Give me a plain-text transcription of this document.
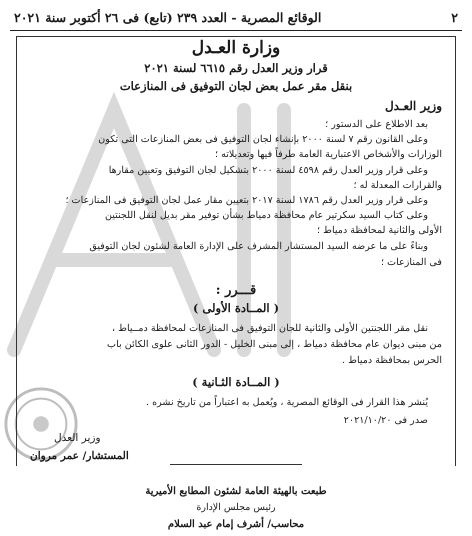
٢
الوقائع المصرية - العدد ٢٣٩ (تابع) فى ٢٦ أكتوبر سنة ٢٠٢١
وزارة العـدل
قرار وزير العدل رقم ٦٦١٥ لسنة ٢٠٢١
بنقل مقر عمل بعض لجان التوفيق فى المنازعات
وزير العـدل
بعد الاطلاع على الدستور ؛
وعلى القانون رقم ٧ لسنة ٢٠٠٠ بإنشاء لجان التوفيق فى بعض المنازعات التى تكون
الوزارات والأشخاص الاعتبارية العامة طرفاً فيها وتعديلاته ؛
وعلى قرار وزير العدل رقم ٤٥٩٨ لسنة ٢٠٠٠ بتشكيل لجان التوفيق وتعيين مقارها
والقرارات المعدلة له ؛
وعلى قرار وزير العدل رقم ١٧٨٦ لسنة ٢٠١٧ بتعيين مقار عمل لجان التوفيق فى المنازعات ؛
وعلى كتاب السيد سكرتير عام محافظة دمياط بشأن توفير مقر بديل لنقل اللجنتين
الأولى والثانية لمحافظة دمياط ؛
وبناءً على ما عرضه السيد المستشار المشرف على الإدارة العامة لشئون لجان التوفيق
فى المنازعات ؛
قـــرر :
( المــادة الأولى )
نقل مقر اللجنتين الأولى والثانية للجان التوفيق فى المنازعات لمحافظة دمــياط ،
من مبنى ديوان عام محافظة دمياط ، إلى مبنى الخليل - الدور الثانى علوى الكائن باب
الحرس بمحافظة دمياط .
( المــادة الثـانية )
يُنشر هذا القرار فى الوقائع المصرية ، ويُعمل به اعتباراً من تاريخ نشره .
صدر فى ٢٠٢١/١٠/٢٠
وزير العدل
المستشار/ عمر مروان
طبعت بالهيئة العامة لشئون المطابع الأميرية
رئيس مجلس الإدارة
محاسب/ أشرف إمام عبد السلام
